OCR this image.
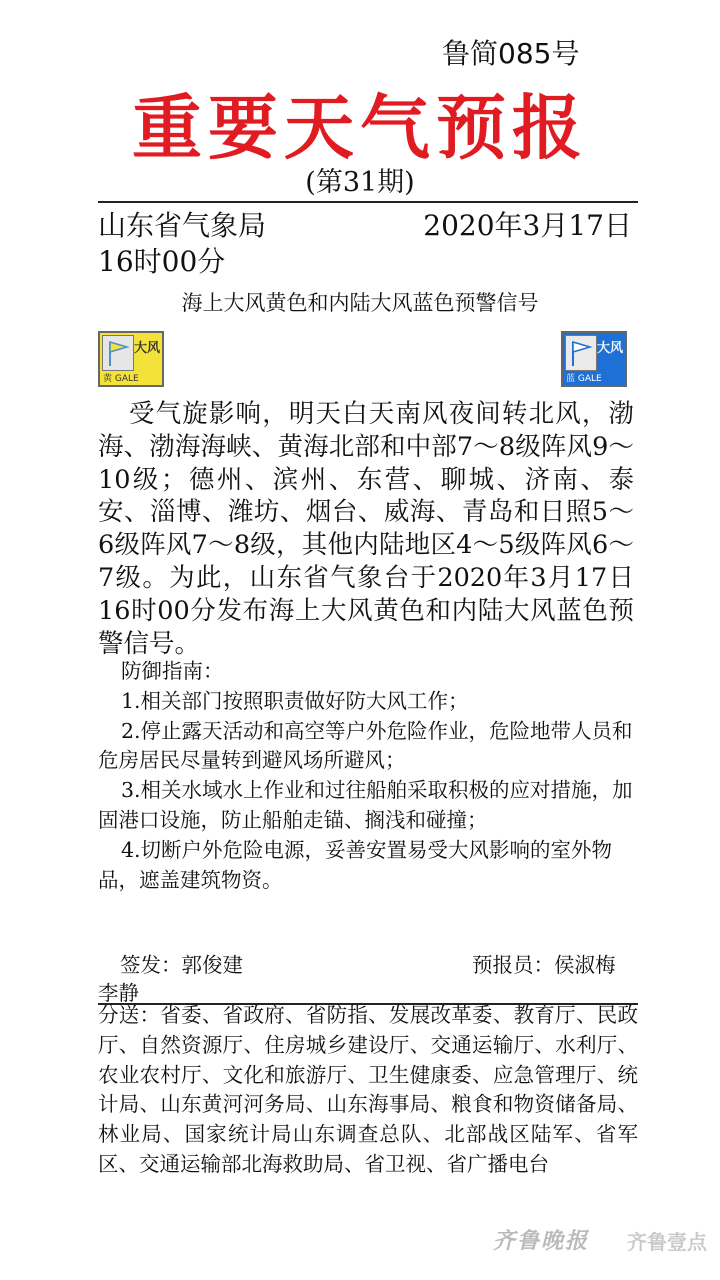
鲁简085号
重要天气预报
(第31期)
山东省气象局	2020年3月17日
16时00分
海上大风黄色和内陆大风蓝色预警信号
大风
黄 GALE
大风
蓝 GALE
受气旋影响，明天白天南风夜间转北风，渤海、渤海海峡、黄海北部和中部7～8级阵风9～10级；德州、滨州、东营、聊城、济南、泰安、淄博、潍坊、烟台、威海、青岛和日照5～6级阵风7～8级，其他内陆地区4～5级阵风6～7级。为此，山东省气象台于2020年3月17日16时00分发布海上大风黄色和内陆大风蓝色预警信号。

防御指南：

1.相关部门按照职责做好防大风工作；

2.停止露天活动和高空等户外危险作业，危险地带人员和危房居民尽量转到避风场所避风；

3.相关水域水上作业和过往船舶采取积极的应对措施，加固港口设施，防止船舶走锚、搁浅和碰撞；

4.切断户外危险电源，妥善安置易受大风影响的室外物品，遮盖建筑物资。

签发：郭俊建	预报员：侯淑梅
李静
分送：省委、省政府、省防指、发展改革委、教育厅、民政厅、自然资源厅、住房城乡建设厅、交通运输厅、水利厅、农业农村厅、文化和旅游厅、卫生健康委、应急管理厅、统计局、山东黄河河务局、山东海事局、粮食和物资储备局、林业局、国家统计局山东调查总队、北部战区陆军、省军区、交通运输部北海救助局、省卫视、省广播电台
齐鲁晚报 齐鲁壹点
